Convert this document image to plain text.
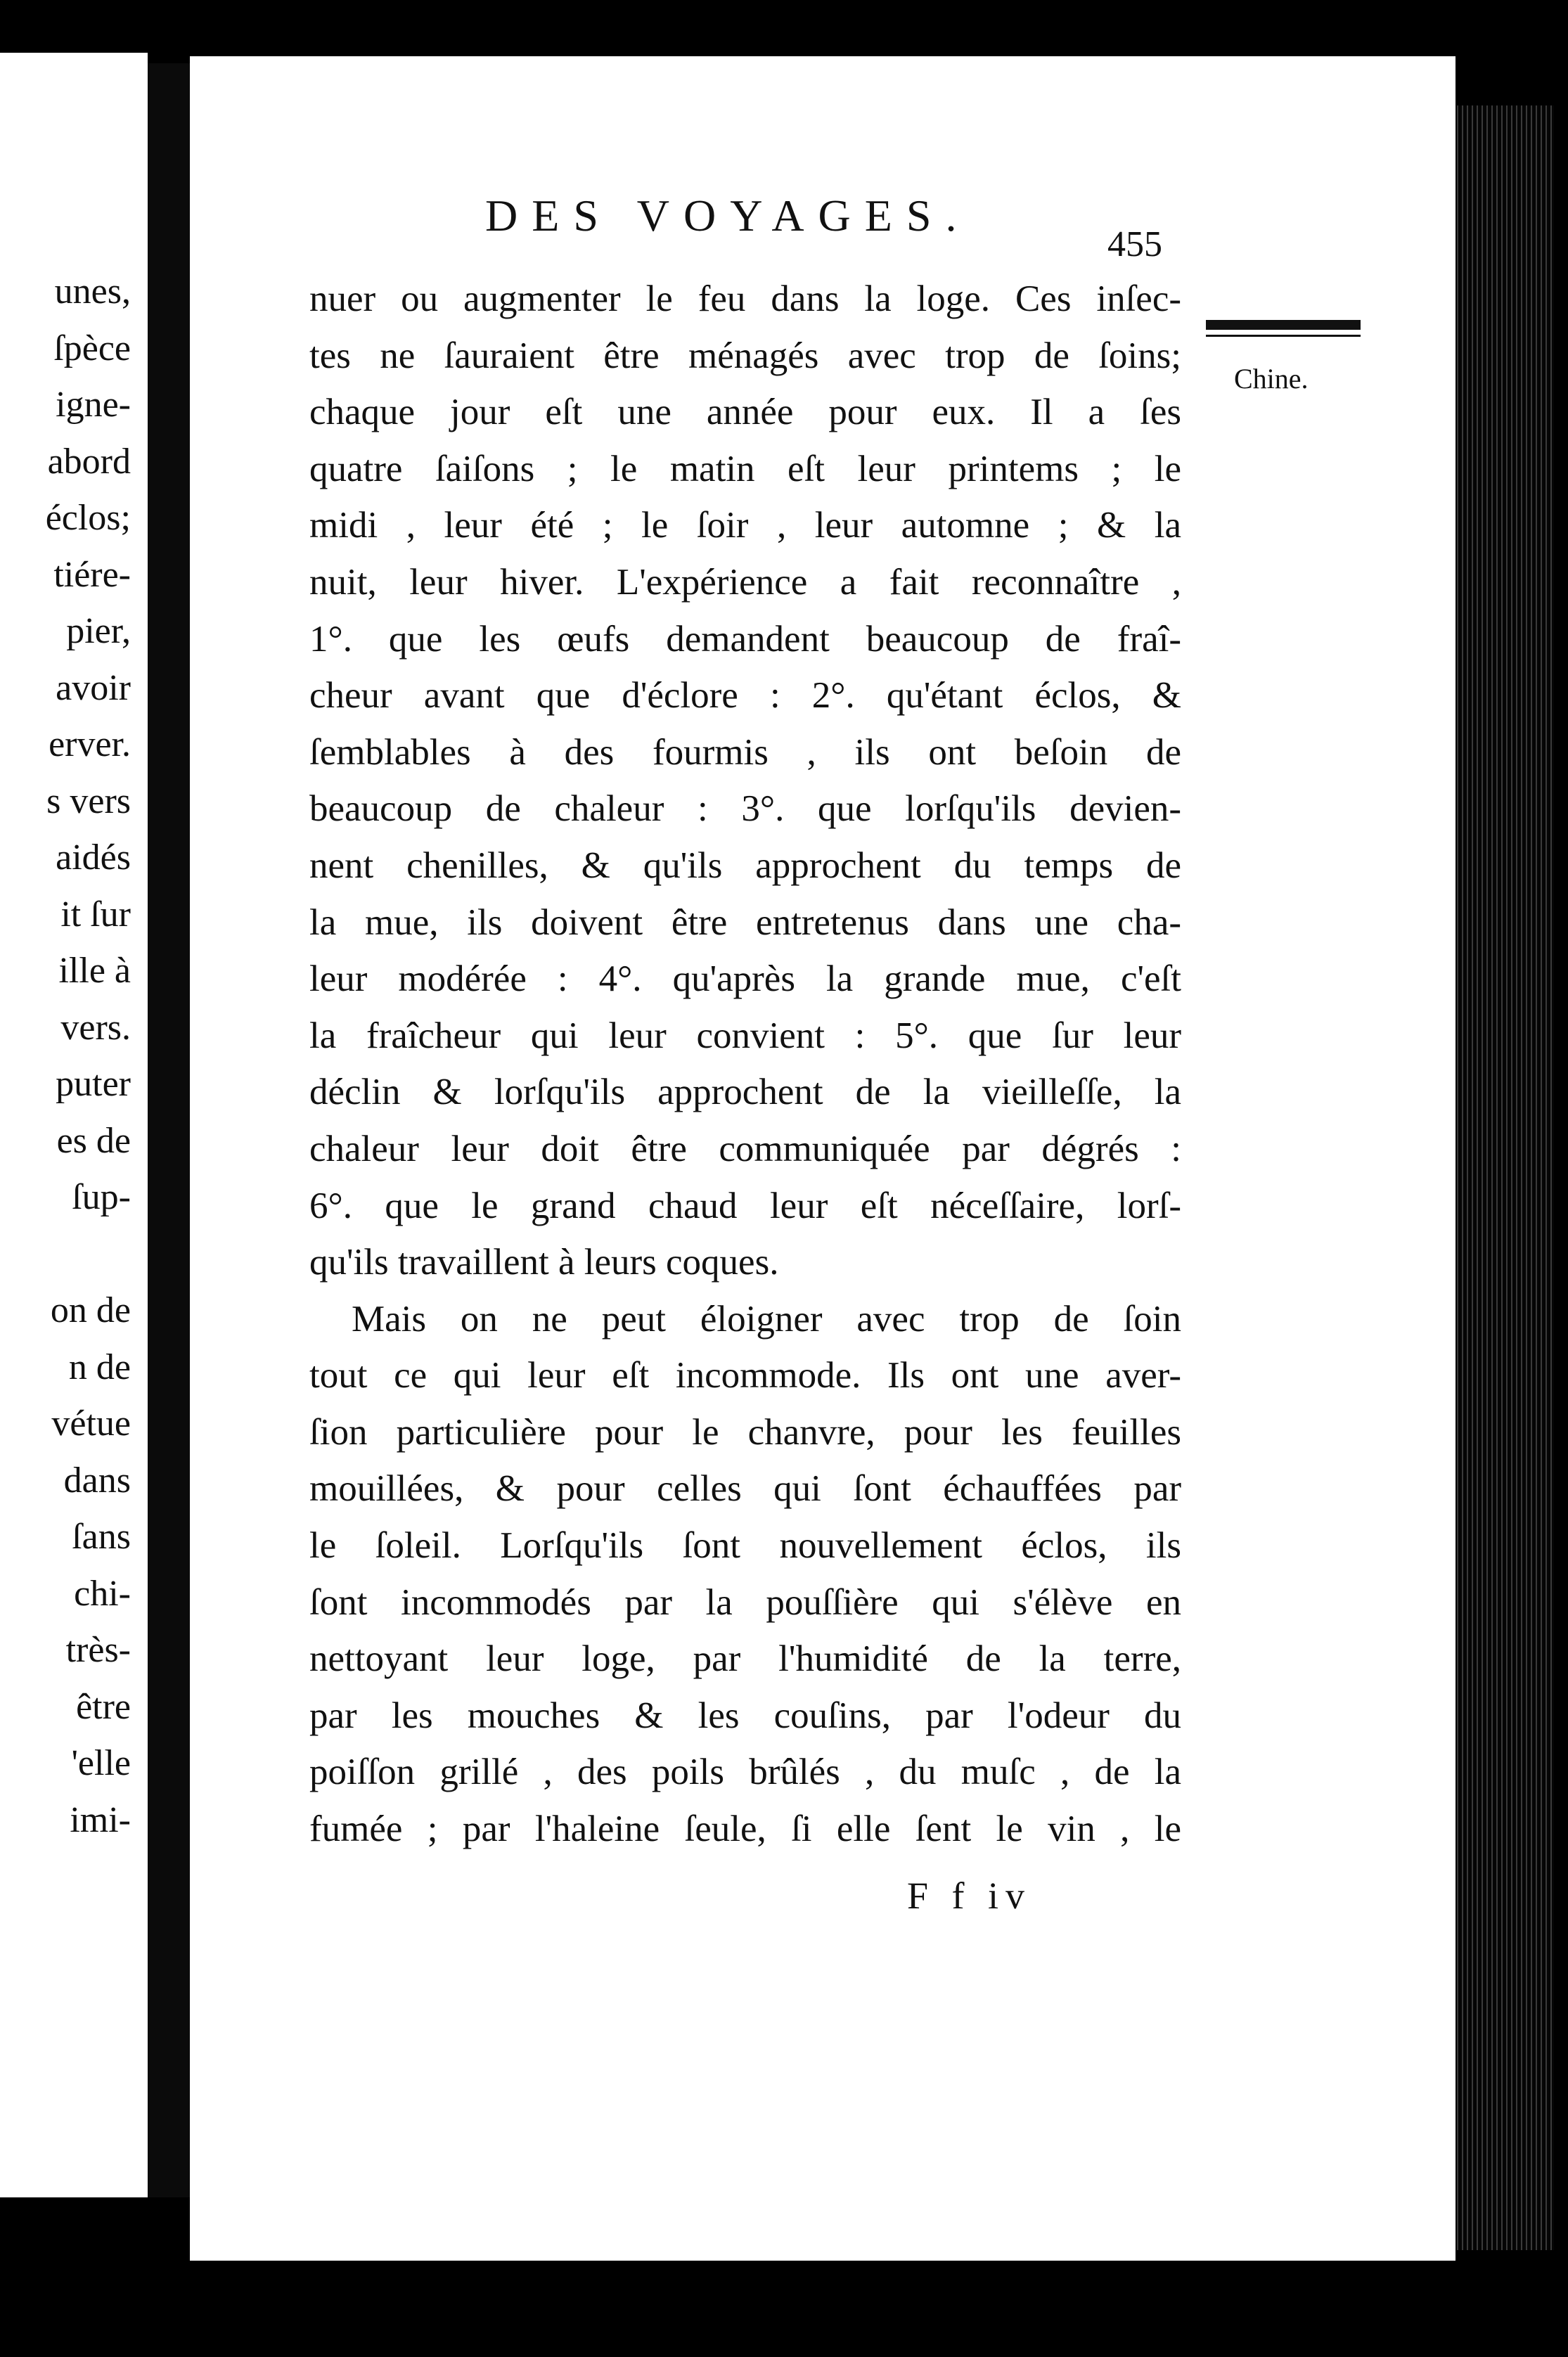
unes,
ſpèce
igne-
abord
éclos;
tiére-
pier,
avoir
erver.
s vers
aidés
it ſur
ille à
vers.
puter
es de
ſup-
on de
n de
vétue
dans
ſans
chi-
très-
être
'elle
imi-
DES VOYAGES.
455
Chine.
nuer ou augmenter le feu dans la loge. Ces inſec-
tes ne ſauraient être ménagés avec trop de ſoins;
chaque jour eſt une année pour eux. Il a ſes
quatre ſaiſons ; le matin eſt leur printems ; le
midi , leur été ; le ſoir , leur automne ; & la
nuit, leur hiver. L'expérience a fait reconnaître ,
1°. que les œufs demandent beaucoup de fraî-
cheur avant que d'éclore : 2°. qu'étant éclos, &
ſemblables à des fourmis , ils ont beſoin de
beaucoup de chaleur : 3°. que lorſqu'ils devien-
nent chenilles, & qu'ils approchent du temps de
la mue, ils doivent être entretenus dans une cha-
leur modérée : 4°. qu'après la grande mue, c'eſt
la fraîcheur qui leur convient : 5°. que ſur leur
déclin & lorſqu'ils approchent de la vieilleſſe, la
chaleur leur doit être communiquée par dégrés :
6°. que le grand chaud leur eſt néceſſaire, lorſ-
qu'ils travaillent à leurs coques.
Mais on ne peut éloigner avec trop de ſoin
tout ce qui leur eſt incommode. Ils ont une aver-
ſion particulière pour le chanvre, pour les feuilles
mouillées, & pour celles qui ſont échauffées par
le ſoleil. Lorſqu'ils ſont nouvellement éclos, ils
ſont incommodés par la pouſſière qui s'élève en
nettoyant leur loge, par l'humidité de la terre,
par les mouches & les couſins, par l'odeur du
poiſſon grillé , des poils brûlés , du muſc , de la
fumée ; par l'haleine ſeule, ſi elle ſent le vin , le
F f iv
